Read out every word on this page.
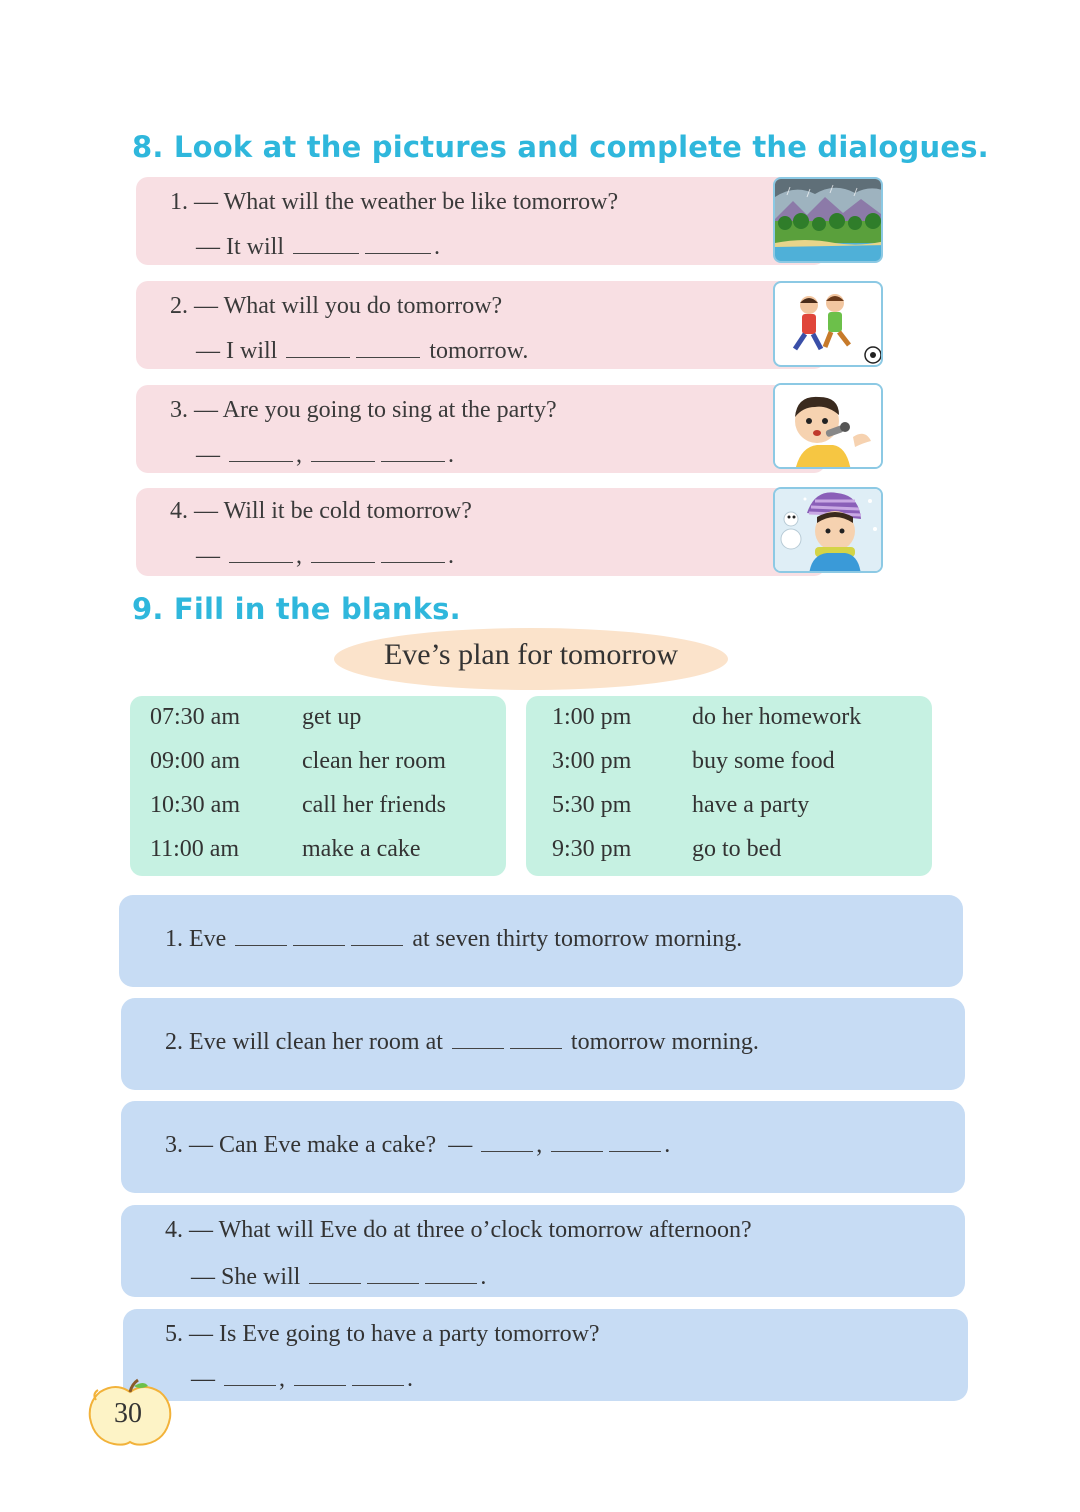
8. Look at the pictures and complete the dialogues.
1. — What will the weather be like tomorrow?
— It will	.
2. — What will you do tomorrow?
— I will	tomorrow.
3. — Are you going to sing at the party?
—	,	.
4. — Will it be cold tomorrow?
—	,	.
9. Fill in the blanks.
Eve’s plan for tomorrow
07:30 am	get up
09:00 am	clean her room
10:30 am	call her friends
11:00 am	make a cake
1:00 pm	do her homework
3:00 pm	buy some food
5:30 pm	have a party
9:30 pm	go to bed
1. Eve	at seven thirty tomorrow morning.
2. Eve will clean her room at	tomorrow morning.
3. — Can Eve make a cake? —	,	.
4. — What will Eve do at three o’clock tomorrow afternoon?
— She will	.
5. — Is Eve going to have a party tomorrow?
—	,	.
30
